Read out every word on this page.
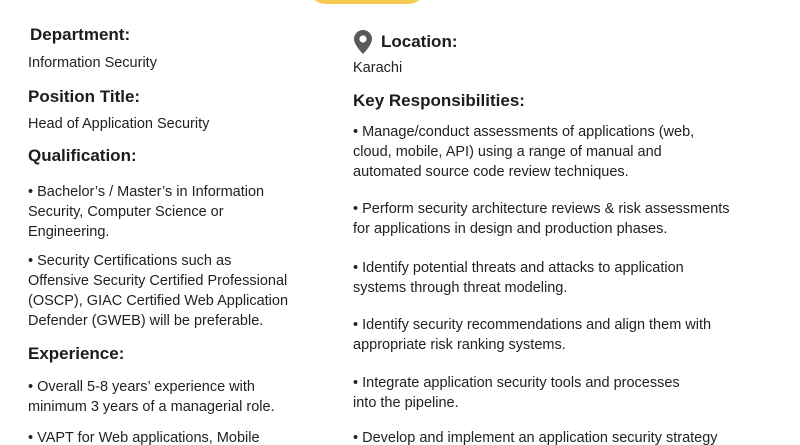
Department:
Information Security
Position Title:
Head of Application Security
Qualification:
• Bachelor’s / Master’s in Information
Security, Computer Science or
Engineering.
• Security Certifications such as
Offensive Security Certified Professional
(OSCP), GIAC Certified Web Application
Defender (GWEB) will be preferable.
Experience:
• Overall 5-8 years’ experience with
minimum 3 years of a managerial role.
• VAPT for Web applications, Mobile
Location:
Karachi
Key Responsibilities:
• Manage/conduct assessments of applications (web,
cloud, mobile, API) using a range of manual and
automated source code review techniques.
• Perform security architecture reviews & risk assessments
for applications in design and production phases.
• Identify potential threats and attacks to application
systems through threat modeling.
• Identify security recommendations and align them with
appropriate risk ranking systems.
• Integrate application security tools and processes
into the pipeline.
• Develop and implement an application security strategy
